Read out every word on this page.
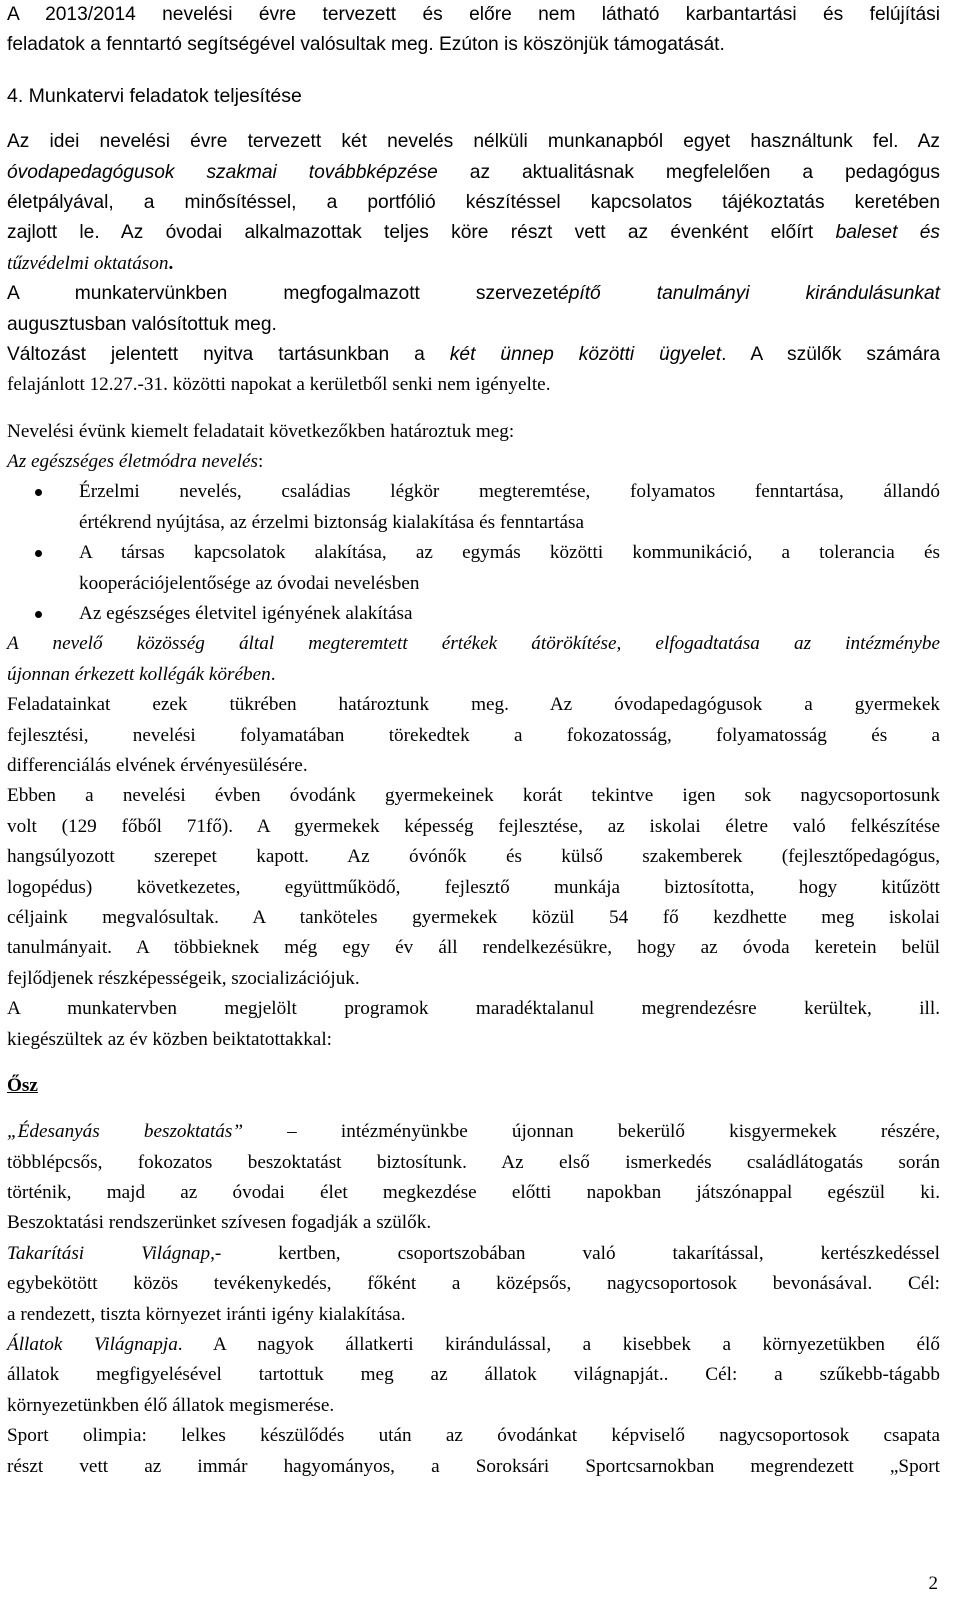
A 2013/2014 nevelési évre tervezett és előre nem látható karbantartási és felújítási
feladatok a fenntartó segítségével valósultak meg. Ezúton is köszönjük támogatását.
4. Munkatervi feladatok teljesítése
Az idei nevelési évre tervezett két nevelés nélküli munkanapból egyet használtunk fel. Az
óvodapedagógusok szakmai továbbképzése az aktualitásnak megfelelően a pedagógus
életpályával, a minősítéssel, a portfólió készítéssel kapcsolatos tájékoztatás keretében
zajlott le. Az óvodai alkalmazottak teljes köre részt vett az évenként előírt baleset és
tűzvédelmi oktatáson.
A munkatervünkben megfogalmazott szervezetépítő tanulmányi kirándulásunkat
augusztusban valósítottuk meg.
Változást jelentett nyitva tartásunkban a két ünnep közötti ügyelet. A szülők számára
felajánlott 12.27.-31. közötti napokat a kerületből senki nem igényelte.
Nevelési évünk kiemelt feladatait következőkben határoztuk meg:
Az egészséges életmódra nevelés:
Érzelmi nevelés, családias légkör megteremtése, folyamatos fenntartása, állandó
értékrend nyújtása, az érzelmi biztonság kialakítása és fenntartása
A társas kapcsolatok alakítása, az egymás közötti kommunikáció, a tolerancia és
kooperációjelentősége az óvodai nevelésben
Az egészséges életvitel igényének alakítása
A nevelő közösség által megteremtett értékek átörökítése, elfogadtatása az intézménybe
újonnan érkezett kollégák körében.
Feladatainkat ezek tükrében határoztunk meg. Az óvodapedagógusok a gyermekek
fejlesztési, nevelési folyamatában törekedtek a fokozatosság, folyamatosság és a
differenciálás elvének érvényesülésére.
Ebben a nevelési évben óvodánk gyermekeinek korát tekintve igen sok nagycsoportosunk
volt (129 főből 71fő). A gyermekek képesség fejlesztése, az iskolai életre való felkészítése
hangsúlyozott szerepet kapott. Az óvónők és külső szakemberek (fejlesztőpedagógus,
logopédus) következetes, együttműködő, fejlesztő munkája biztosította, hogy kitűzött
céljaink megvalósultak. A tanköteles gyermekek közül 54 fő kezdhette meg iskolai
tanulmányait. A többieknek még egy év áll rendelkezésükre, hogy az óvoda keretein belül
fejlődjenek részképességeik, szocializációjuk.
A munkatervben megjelölt programok maradéktalanul megrendezésre kerültek, ill.
kiegészültek az év közben beiktatottakkal:
Ősz
„Édesanyás beszoktatás” – intézményünkbe újonnan bekerülő kisgyermekek részére,
többlépcsős, fokozatos beszoktatást biztosítunk. Az első ismerkedés családlátogatás során
történik, majd az óvodai élet megkezdése előtti napokban játszónappal egészül ki.
Beszoktatási rendszerünket szívesen fogadják a szülők.
Takarítási Világnap,- kertben, csoportszobában való takarítással, kertészkedéssel
egybekötött közös tevékenykedés, főként a középsős, nagycsoportosok bevonásával. Cél:
a rendezett, tiszta környezet iránti igény kialakítása.
Állatok Világnapja. A nagyok állatkerti kirándulással, a kisebbek a környezetükben élő
állatok megfigyelésével tartottuk meg az állatok világnapját.. Cél: a szűkebb-tágabb
környezetünkben élő állatok megismerése.
Sport olimpia: lelkes készülődés után az óvodánkat képviselő nagycsoportosok csapata
részt vett az immár hagyományos, a Soroksári Sportcsarnokban megrendezett „Sport
2
